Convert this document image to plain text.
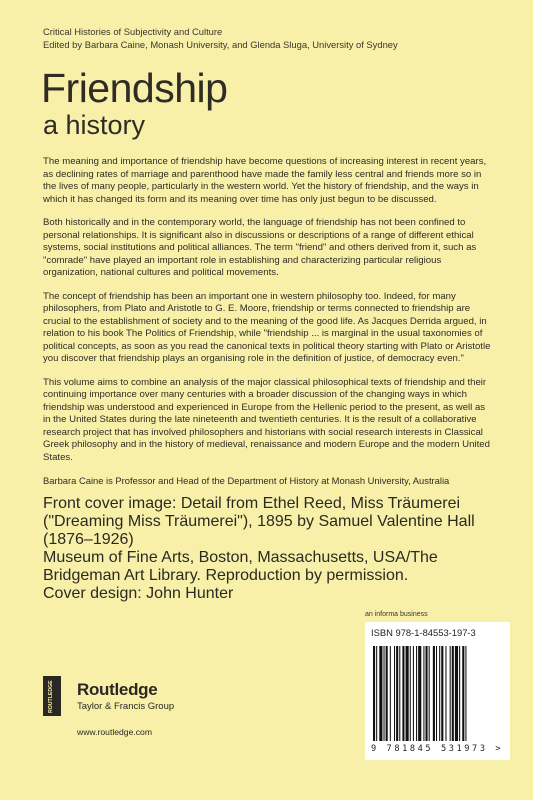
Critical Histories of Subjectivity and Culture
Edited by Barbara Caine, Monash University, and Glenda Sluga, University of Sydney
Friendship
a history

The meaning and importance of friendship have become questions of increasing interest in recent years, as declining rates of marriage and parenthood have made the family less central and friends more so in the lives of many people, particularly in the western world. Yet the history of friendship, and the ways in which it has changed its form and its meaning over time has only just begun to be discussed.

Both historically and in the contemporary world, the language of friendship has not been confined to personal relationships. It is significant also in discussions or descriptions of a range of different ethical systems, social institutions and political alliances. The term "friend" and others derived from it, such as "comrade" have played an important role in establishing and characterizing particular religious organization, national cultures and political movements.

The concept of friendship has been an important one in western philosophy too. Indeed, for many philosophers, from Plato and Aristotle to G. E. Moore, friendship or terms connected to friendship are crucial to the establishment of society and to the meaning of the good life. As Jacques Derrida argued, in relation to his book The Politics of Friendship, while "friendship ... is marginal in the usual taxonomies of political concepts, as soon as you read the canonical texts in political theory starting with Plato or Aristotle you discover that friendship plays an organising role in the definition of justice, of democracy even."

This volume aims to combine an analysis of the major classical philosophical texts of friendship and their continuing importance over many centuries with a broader discussion of the changing ways in which friendship was understood and experienced in Europe from the Hellenic period to the present, as well as in the United States during the late nineteenth and twentieth centuries. It is the result of a collaborative research project that has involved philosophers and historians with social research interests in Classical Greek philosophy and in the history of medieval, renaissance and modern Europe and the modern United States.

Barbara Caine is Professor and Head of the Department of History at Monash University, Australia

Front cover image: Detail from Ethel Reed, Miss Träumerei ("Dreaming Miss Träumerei"), 1895 by Samuel Valentine Hall (1876–1926)
Museum of Fine Arts, Boston, Massachusetts, USA/The Bridgeman Art Library. Reproduction by permission.
Cover design: John Hunter

an informa business
ISBN 978-1-84553-197-3
9 781845 531973 >
ROUTLEDGE Routledge
Taylor & Francis Group
www.routledge.com
